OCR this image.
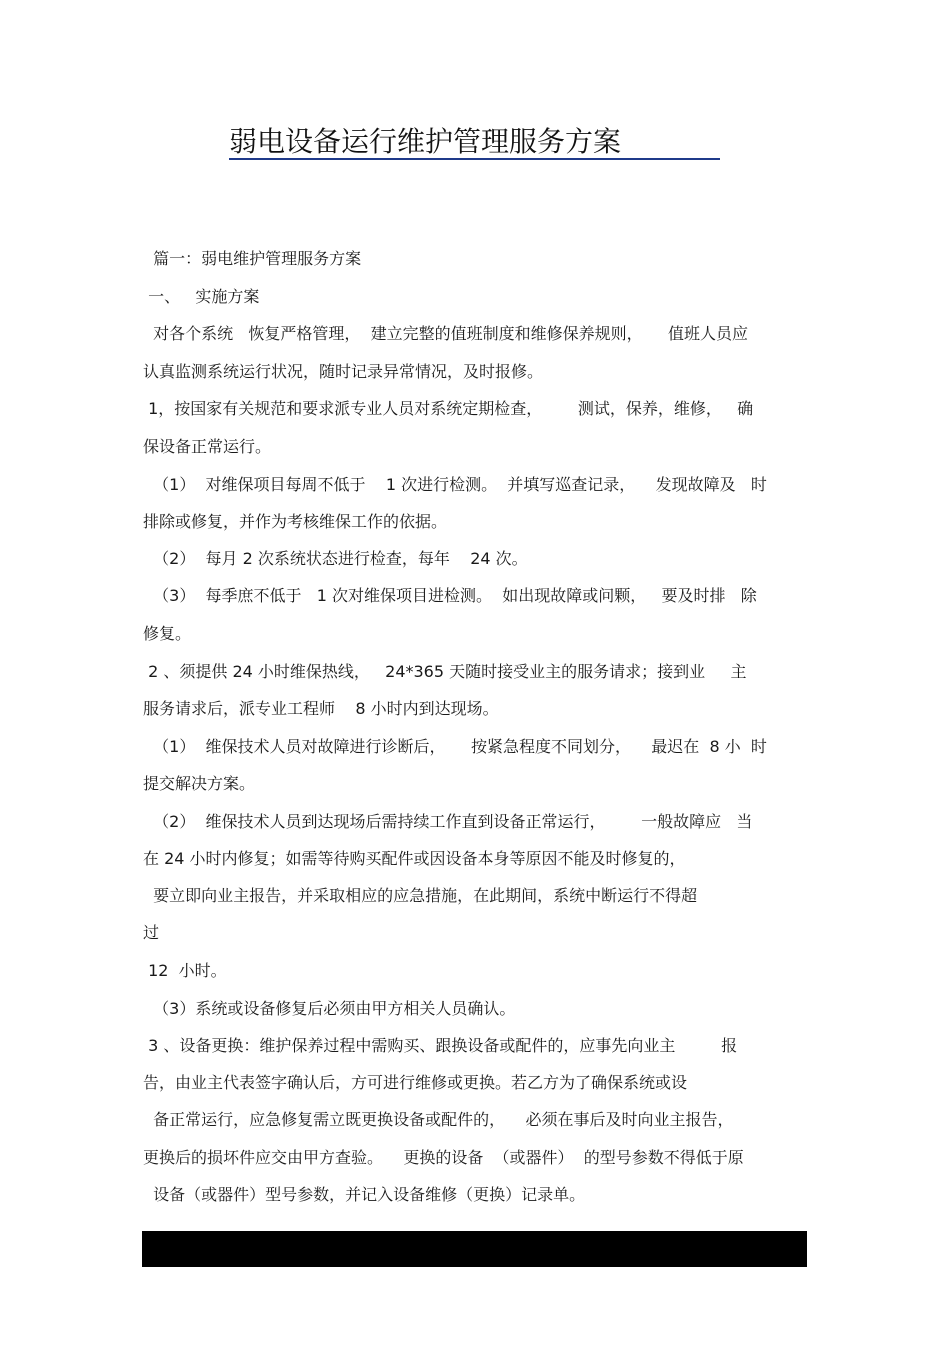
弱电设备运行维护管理服务方案
篇一：弱电维护管理服务方案
一、   实施方案
对各个系统   恢复严格管理，  建立完整的值班制度和维修保养规则，     值班人员应
认真监测系统运行状况，随时记录异常情况，及时报修。
1，按国家有关规范和要求派专业人员对系统定期检查，       测试，保养，维修，   确
保设备正常运行。
（1）  对维保项目每周不低于    1 次进行检测。  并填写巡查记录，    发现故障及   时
排除或修复，并作为考核维保工作的依据。
（2）  每月 2 次系统状态进行检查，每年    24 次。
（3）  每季庶不低于   1 次对维保项目进检测。  如出现故障或问颗，   要及时排   除
修复。
2 、须提供 24 小时维保热线，   24*365 天随时接受业主的服务请求；接到业     主
服务请求后，派专业工程师    8 小时内到达现场。
（1）  维保技术人员对故障进行诊断后，     按紧急程度不同划分，    最迟在  8 小  时
提交解决方案。
（2）  维保技术人员到达现场后需持续工作直到设备正常运行，       一般故障应   当
在 24 小时内修复；如需等待购买配件或因设备本身等原因不能及时修复的，
要立即向业主报告，并采取相应的应急措施，在此期间，系统中断运行不得超
过
12  小时。
（3）系统或设备修复后必须由甲方相关人员确认。
3 、设备更换：维护保养过程中需购买、跟换设备或配件的，应事先向业主         报
告，由业主代表签字确认后，方可进行维修或更换。若乙方为了确保系统或设
备正常运行，应急修复需立既更换设备或配件的，    必须在事后及时向业主报告，
更换后的损坏件应交由甲方查验。    更换的设备  （或器件）  的型号参数不得低于原
设备（或器件）型号参数，并记入设备维修（更换）记录单。
